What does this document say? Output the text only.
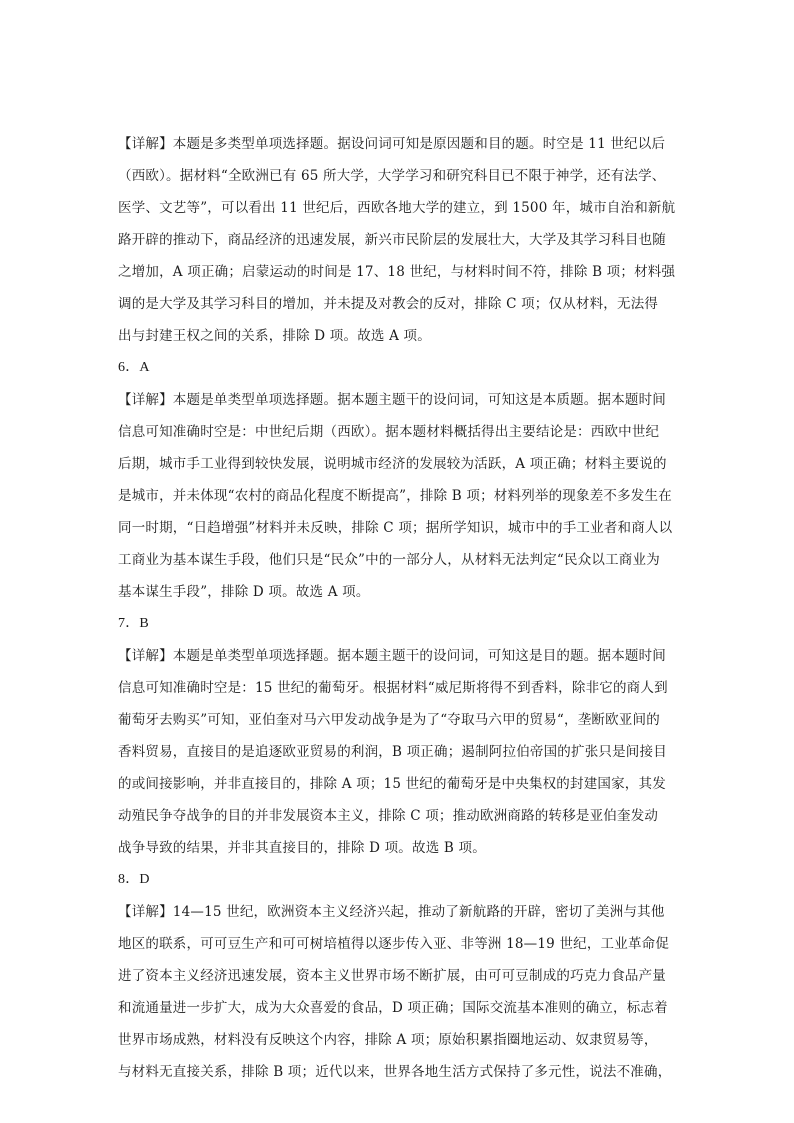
【详解】本题是多类型单项选择题。据设问词可知是原因题和目的题。时空是 11 世纪以后
（西欧）。据材料“全欧洲已有 65 所大学，大学学习和研究科目已不限于神学，还有法学、
医学、文艺等”，可以看出 11 世纪后，西欧各地大学的建立，到 1500 年，城市自治和新航
路开辟的推动下，商品经济的迅速发展，新兴市民阶层的发展壮大，大学及其学习科目也随
之增加，A 项正确；启蒙运动的时间是 17、18 世纪，与材料时间不符，排除 B 项；材料强
调的是大学及其学习科目的增加，并未提及对教会的反对，排除 C 项；仅从材料，无法得
出与封建王权之间的关系，排除 D 项。故选 A 项。
6．A
【详解】本题是单类型单项选择题。据本题主题干的设问词，可知这是本质题。据本题时间
信息可知准确时空是：中世纪后期（西欧）。据本题材料概括得出主要结论是：西欧中世纪
后期，城市手工业得到较快发展，说明城市经济的发展较为活跃，A 项正确；材料主要说的
是城市，并未体现“农村的商品化程度不断提高”，排除 B 项；材料列举的现象差不多发生在
同一时期，“日趋增强”材料并未反映，排除 C 项；据所学知识，城市中的手工业者和商人以
工商业为基本谋生手段，他们只是“民众”中的一部分人，从材料无法判定“民众以工商业为
基本谋生手段”，排除 D 项。故选 A 项。
7．B
【详解】本题是单类型单项选择题。据本题主题干的设问词，可知这是目的题。据本题时间
信息可知准确时空是：15 世纪的葡萄牙。根据材料“威尼斯将得不到香料，除非它的商人到
葡萄牙去购买”可知，亚伯奎对马六甲发动战争是为了“夺取马六甲的贸易“，垄断欧亚间的
香料贸易，直接目的是追逐欧亚贸易的利润，B 项正确；遏制阿拉伯帝国的扩张只是间接目
的或间接影响，并非直接目的，排除 A 项；15 世纪的葡萄牙是中央集权的封建国家，其发
动殖民争夺战争的目的并非发展资本主义，排除 C 项；推动欧洲商路的转移是亚伯奎发动
战争导致的结果，并非其直接目的，排除 D 项。故选 B 项。
8．D
【详解】14—15 世纪，欧洲资本主义经济兴起，推动了新航路的开辟，密切了美洲与其他
地区的联系，可可豆生产和可可树培植得以逐步传入亚、非等洲 18—19 世纪，工业革命促
进了资本主义经济迅速发展，资本主义世界市场不断扩展，由可可豆制成的巧克力食品产量
和流通量进一步扩大，成为大众喜爱的食品，D 项正确；国际交流基本准则的确立，标志着
世界市场成熟，材料没有反映这个内容，排除 A 项；原始积累指圈地运动、奴隶贸易等，
与材料无直接关系，排除 B 项；近代以来，世界各地生活方式保持了多元性，说法不准确，
